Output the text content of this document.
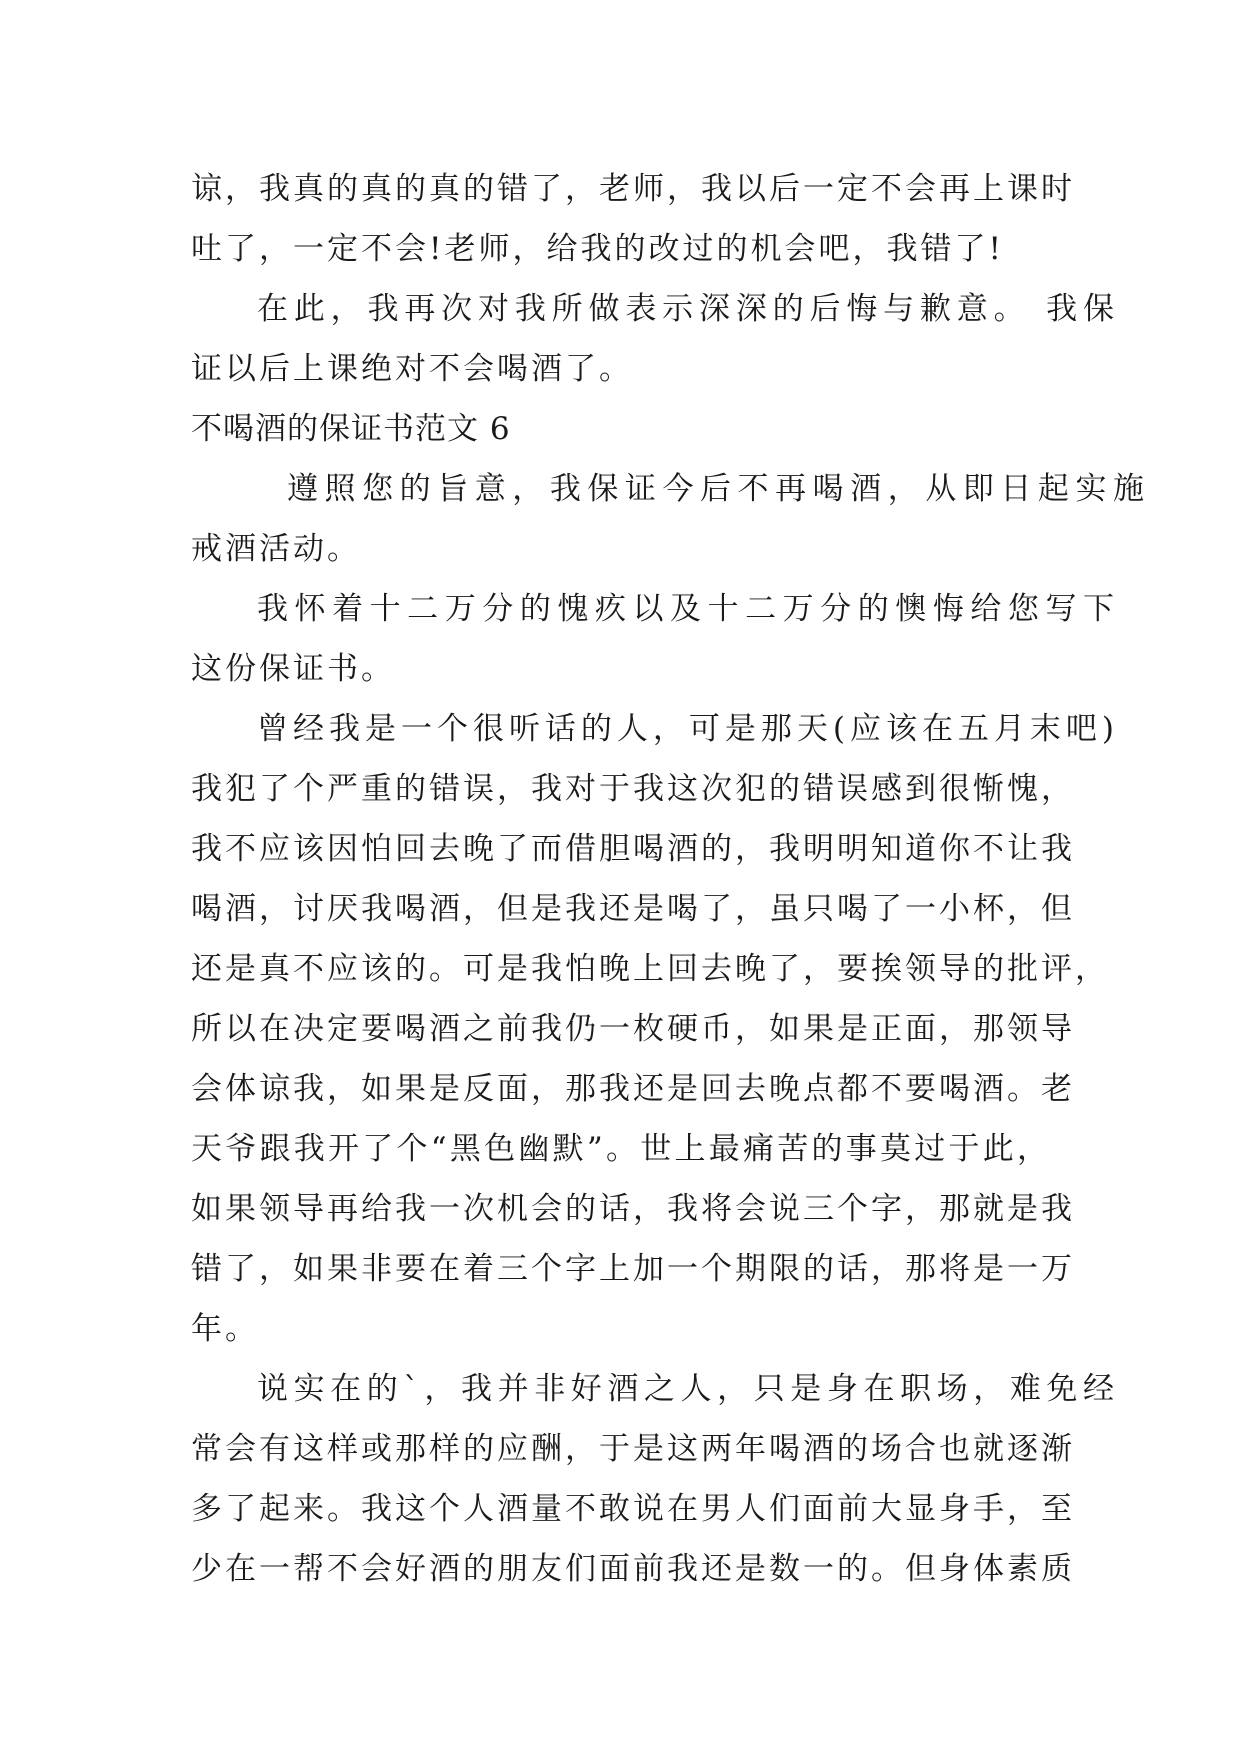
谅，我真的真的真的错了，老师，我以后一定不会再上课时
吐了，一定不会!老师，给我的改过的机会吧，我错了!
在此，我再次对我所做表示深深的后悔与歉意。 我保
证以后上课绝对不会喝酒了。
不喝酒的保证书范文 6
遵照您的旨意，我保证今后不再喝酒，从即日起实施
戒酒活动。
我怀着十二万分的愧疚以及十二万分的懊悔给您写下
这份保证书。
曾经我是一个很听话的人，可是那天(应该在五月末吧)
我犯了个严重的错误，我对于我这次犯的错误感到很惭愧，
我不应该因怕回去晚了而借胆喝酒的，我明明知道你不让我
喝酒，讨厌我喝酒，但是我还是喝了，虽只喝了一小杯，但
还是真不应该的。可是我怕晚上回去晚了，要挨领导的批评，
所以在决定要喝酒之前我仍一枚硬币，如果是正面，那领导
会体谅我，如果是反面，那我还是回去晚点都不要喝酒。老
天爷跟我开了个“黑色幽默”。世上最痛苦的事莫过于此，
如果领导再给我一次机会的话，我将会说三个字，那就是我
错了，如果非要在着三个字上加一个期限的话，那将是一万
年。
说实在的`，我并非好酒之人，只是身在职场，难免经
常会有这样或那样的应酬，于是这两年喝酒的场合也就逐渐
多了起来。我这个人酒量不敢说在男人们面前大显身手，至
少在一帮不会好酒的朋友们面前我还是数一的。但身体素质
